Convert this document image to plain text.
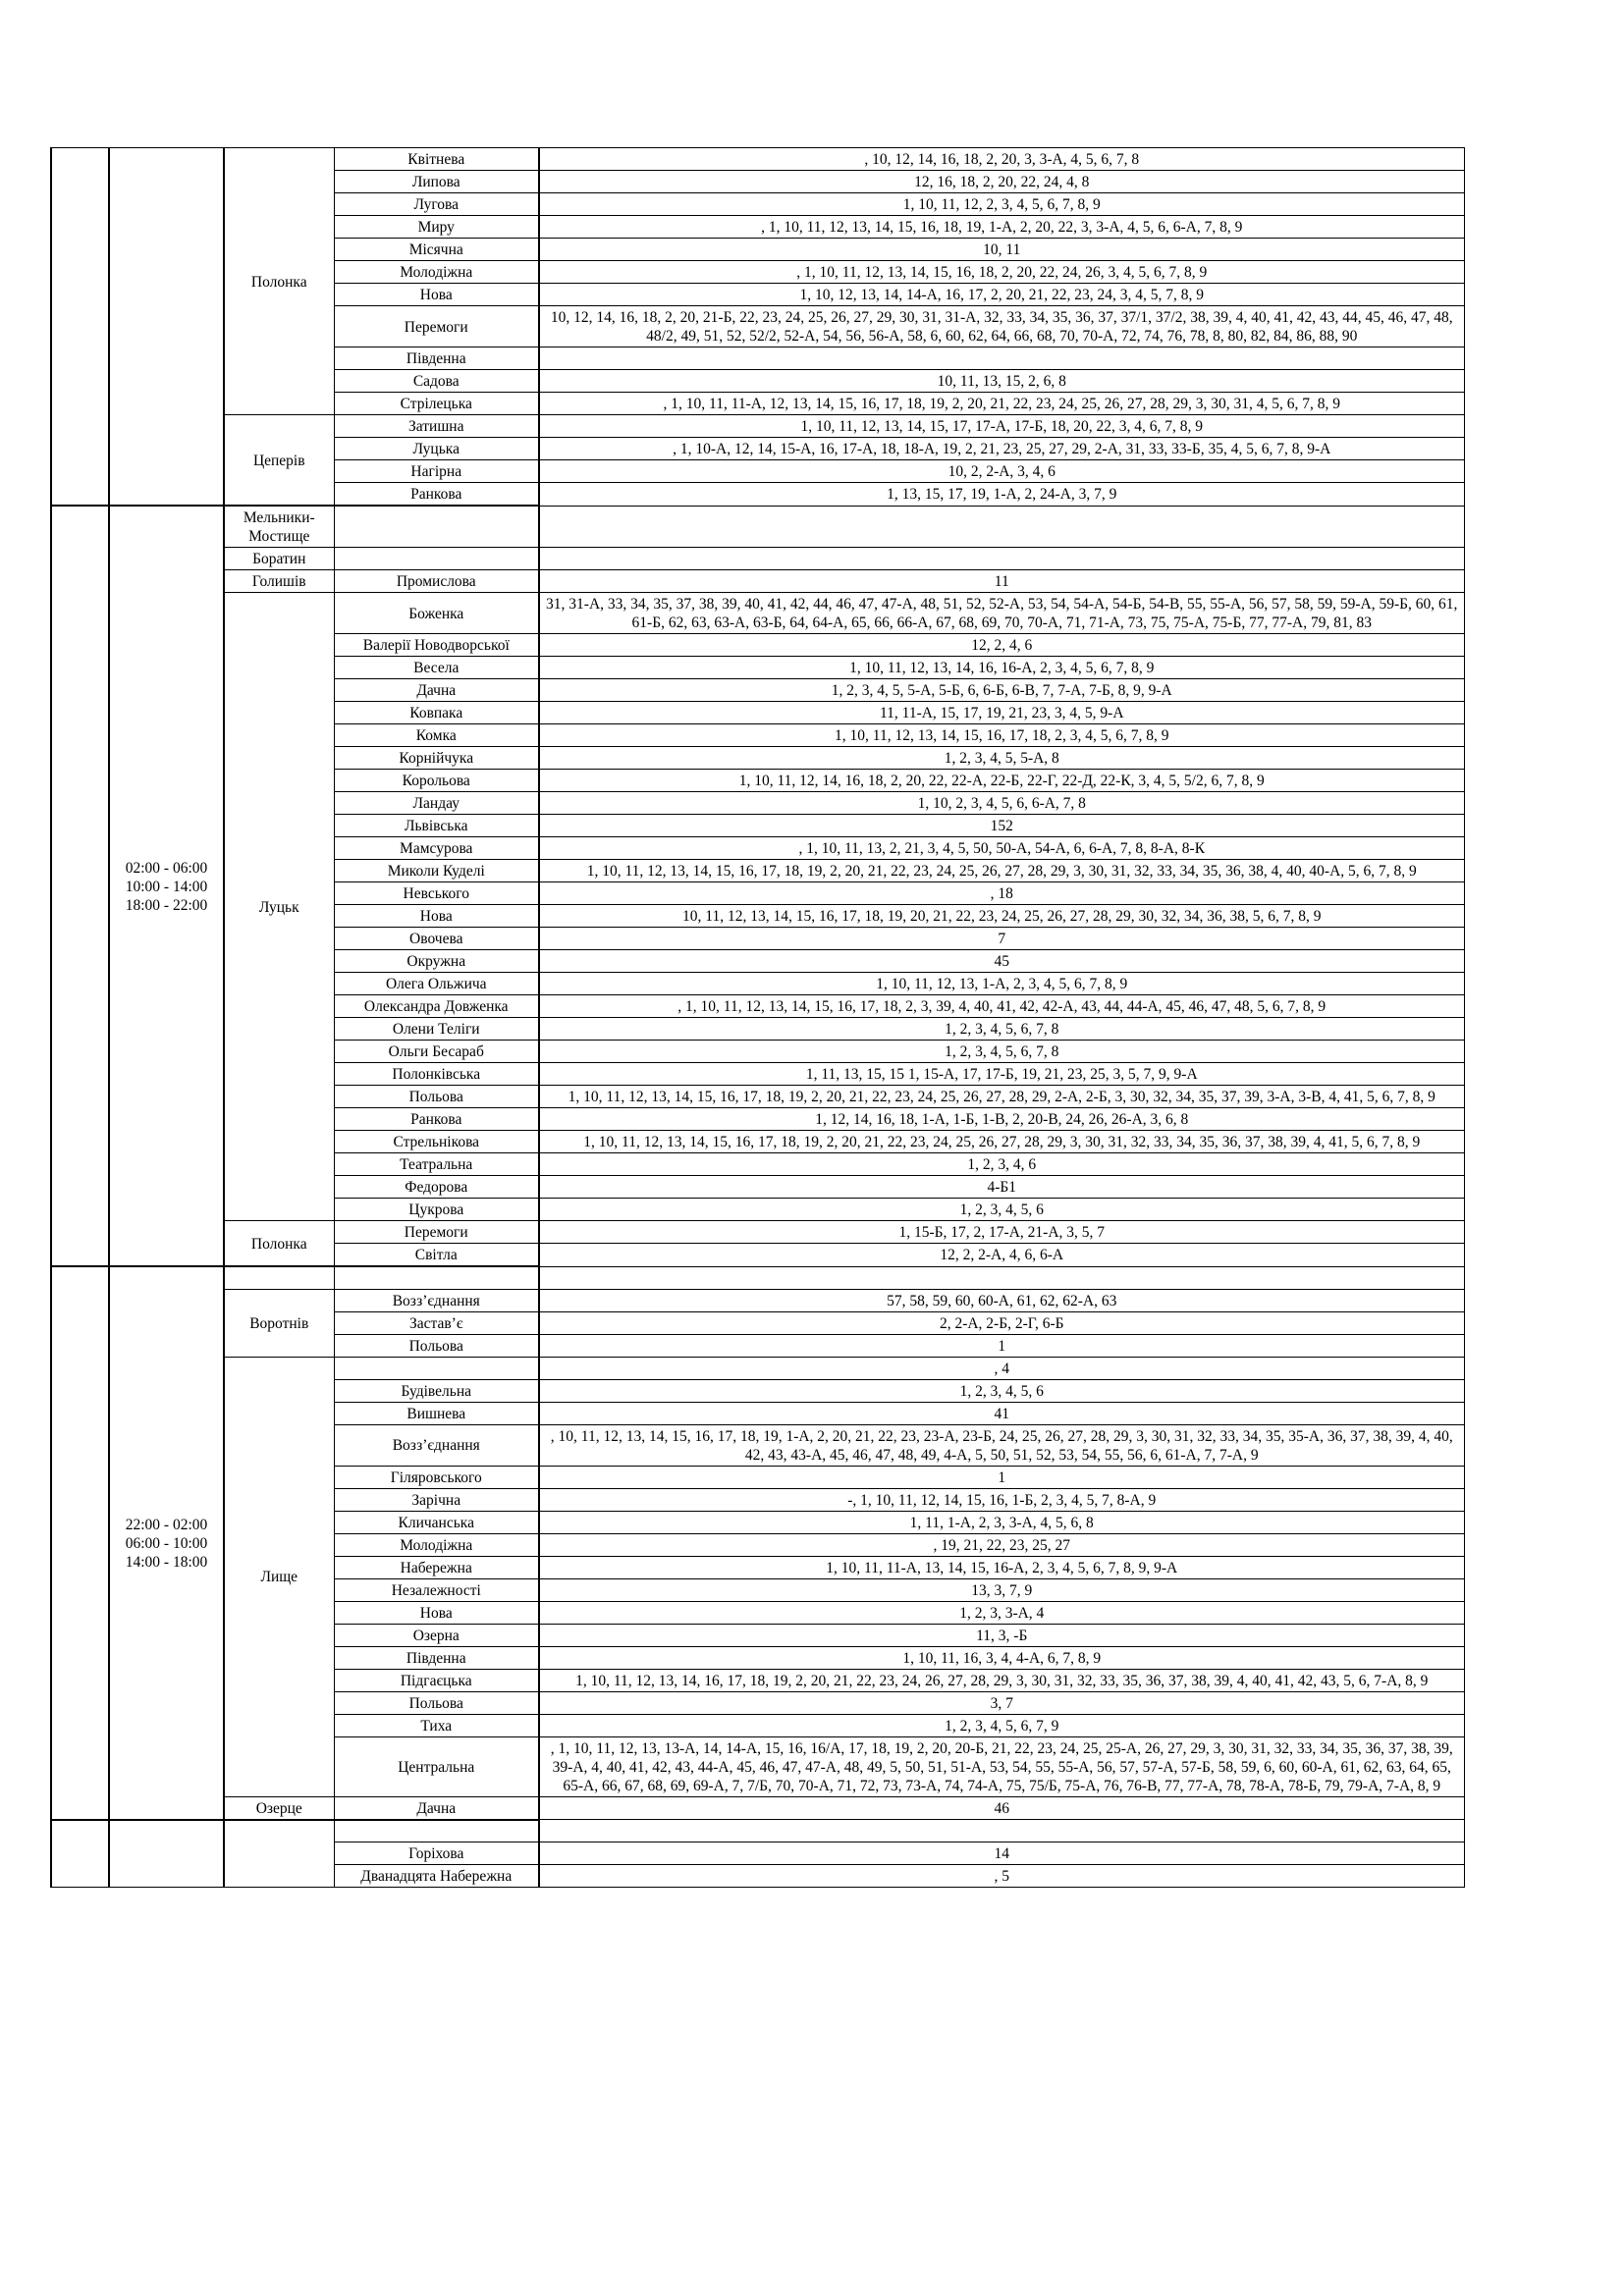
			Полонка	Квітнева	, 10, 12, 14, 16, 18, 2, 20, 3, 3-А, 4, 5, 6, 7, 8
				Липова	12, 16, 18, 2, 20, 22, 24, 4, 8
				Лугова	1, 10, 11, 12, 2, 3, 4, 5, 6, 7, 8, 9
				Миру	, 1, 10, 11, 12, 13, 14, 15, 16, 18, 19, 1-А, 2, 20, 22, 3, 3-А, 4, 5, 6, 6-А, 7, 8, 9
				Місячна	10, 11
				Молодіжна	, 1, 10, 11, 12, 13, 14, 15, 16, 18, 2, 20, 22, 24, 26, 3, 4, 5, 6, 7, 8, 9
				Нова	1, 10, 12, 13, 14, 14-А, 16, 17, 2, 20, 21, 22, 23, 24, 3, 4, 5, 7, 8, 9
				Перемоги	10, 12, 14, 16, 18, 2, 20, 21-Б, 22, 23, 24, 25, 26, 27, 29, 30, 31, 31-А, 32, 33, 34, 35, 36, 37, 37/1, 37/2, 38, 39, 4, 40, 41, 42, 43, 44, 45, 46, 47, 48, 48/2, 49, 51, 52, 52/2, 52-А, 54, 56, 56-А, 58, 6, 60, 62, 64, 66, 68, 70, 70-А, 72, 74, 76, 78, 8, 80, 82, 84, 86, 88, 90
				Південна	
				Садова	10, 11, 13, 15, 2, 6, 8
				Стрілецька	, 1, 10, 11, 11-А, 12, 13, 14, 15, 16, 17, 18, 19, 2, 20, 21, 22, 23, 24, 25, 26, 27, 28, 29, 3, 30, 31, 4, 5, 6, 7, 8, 9
			Цеперів	Затишна	1, 10, 11, 12, 13, 14, 15, 17, 17-А, 17-Б, 18, 20, 22, 3, 4, 6, 7, 8, 9
				Луцька	, 1, 10-А, 12, 14, 15-А, 16, 17-А, 18, 18-А, 19, 2, 21, 23, 25, 27, 29, 2-А, 31, 33, 33-Б, 35, 4, 5, 6, 7, 8, 9-А
				Нагірна	10, 2, 2-А, 3, 4, 6
				Ранкова	1, 13, 15, 17, 19, 1-А, 2, 24-А, 3, 7, 9

		02:00 - 06:00
10:00 - 14:00
18:00 - 22:00	Мельники-Мостище		
			Боратин		
			Голишів	Промислова	11
			Луцьк	Боженка	31, 31-А, 33, 34, 35, 37, 38, 39, 40, 41, 42, 44, 46, 47, 47-А, 48, 51, 52, 52-А, 53, 54, 54-А, 54-Б, 54-В, 55, 55-А, 56, 57, 58, 59, 59-А, 59-Б, 60, 61, 61-Б, 62, 63, 63-А, 63-Б, 64, 64-А, 65, 66, 66-А, 67, 68, 69, 70, 70-А, 71, 71-А, 73, 75, 75-А, 75-Б, 77, 77-А, 79, 81, 83
				Валерії Новодворської	12, 2, 4, 6
				Весела	1, 10, 11, 12, 13, 14, 16, 16-А, 2, 3, 4, 5, 6, 7, 8, 9
				Дачна	1, 2, 3, 4, 5, 5-А, 5-Б, 6, 6-Б, 6-В, 7, 7-А, 7-Б, 8, 9, 9-А
				Ковпака	11, 11-А, 15, 17, 19, 21, 23, 3, 4, 5, 9-А
				Комка	1, 10, 11, 12, 13, 14, 15, 16, 17, 18, 2, 3, 4, 5, 6, 7, 8, 9
				Корнійчука	1, 2, 3, 4, 5, 5-А, 8
				Корольова	1, 10, 11, 12, 14, 16, 18, 2, 20, 22, 22-А, 22-Б, 22-Г, 22-Д, 22-К, 3, 4, 5, 5/2, 6, 7, 8, 9
				Ландау	1, 10, 2, 3, 4, 5, 6, 6-А, 7, 8
				Львівська	152
				Мамсурова	, 1, 10, 11, 13, 2, 21, 3, 4, 5, 50, 50-А, 54-А, 6, 6-А, 7, 8, 8-А, 8-К
				Миколи Куделі	1, 10, 11, 12, 13, 14, 15, 16, 17, 18, 19, 2, 20, 21, 22, 23, 24, 25, 26, 27, 28, 29, 3, 30, 31, 32, 33, 34, 35, 36, 38, 4, 40, 40-А, 5, 6, 7, 8, 9
				Невського	, 18
				Нова	10, 11, 12, 13, 14, 15, 16, 17, 18, 19, 20, 21, 22, 23, 24, 25, 26, 27, 28, 29, 30, 32, 34, 36, 38, 5, 6, 7, 8, 9
				Овочева	7
				Окружна	45
				Олега Ольжича	1, 10, 11, 12, 13, 1-А, 2, 3, 4, 5, 6, 7, 8, 9
				Олександра Довженка	, 1, 10, 11, 12, 13, 14, 15, 16, 17, 18, 2, 3, 39, 4, 40, 41, 42, 42-А, 43, 44, 44-А, 45, 46, 47, 48, 5, 6, 7, 8, 9
				Олени Теліги	1, 2, 3, 4, 5, 6, 7, 8
				Ольги Бесараб	1, 2, 3, 4, 5, 6, 7, 8
				Полонківська	1, 11, 13, 15, 15 1, 15-А, 17, 17-Б, 19, 21, 23, 25, 3, 5, 7, 9, 9-А
				Польова	1, 10, 11, 12, 13, 14, 15, 16, 17, 18, 19, 2, 20, 21, 22, 23, 24, 25, 26, 27, 28, 29, 2-А, 2-Б, 3, 30, 32, 34, 35, 37, 39, 3-А, 3-В, 4, 41, 5, 6, 7, 8, 9
				Ранкова	1, 12, 14, 16, 18, 1-А, 1-Б, 1-В, 2, 20-В, 24, 26, 26-А, 3, 6, 8
				Стрельнікова	1, 10, 11, 12, 13, 14, 15, 16, 17, 18, 19, 2, 20, 21, 22, 23, 24, 25, 26, 27, 28, 29, 3, 30, 31, 32, 33, 34, 35, 36, 37, 38, 39, 4, 41, 5, 6, 7, 8, 9
				Театральна	1, 2, 3, 4, 6
				Федорова	4-Б1
				Цукрова	1, 2, 3, 4, 5, 6
			Полонка	Перемоги	1, 15-Б, 17, 2, 17-А, 21-А, 3, 5, 7
				Світла	12, 2, 2-А, 4, 6, 6-А

		22:00 - 02:00
06:00 - 10:00
14:00 - 18:00			

			Воротнів	Возз’єднання	57, 58, 59, 60, 60-А, 61, 62, 62-А, 63
				Застав’є	2, 2-А, 2-Б, 2-Г, 6-Б
				Польова	1
			Лище		, 4
				Будівельна	1, 2, 3, 4, 5, 6
				Вишнева	41
				Возз’єднання	, 10, 11, 12, 13, 14, 15, 16, 17, 18, 19, 1-А, 2, 20, 21, 22, 23, 23-А, 23-Б, 24, 25, 26, 27, 28, 29, 3, 30, 31, 32, 33, 34, 35, 35-А, 36, 37, 38, 39, 4, 40, 42, 43, 43-А, 45, 46, 47, 48, 49, 4-А, 5, 50, 51, 52, 53, 54, 55, 56, 6, 61-А, 7, 7-А, 9
				Гіляровського	1
				Зарічна	-, 1, 10, 11, 12, 14, 15, 16, 1-Б, 2, 3, 4, 5, 7, 8-А, 9
				Кличанська	1, 11, 1-А, 2, 3, 3-А, 4, 5, 6, 8
				Молодіжна	, 19, 21, 22, 23, 25, 27
				Набережна	1, 10, 11, 11-А, 13, 14, 15, 16-А, 2, 3, 4, 5, 6, 7, 8, 9, 9-А
				Незалежності	13, 3, 7, 9
				Нова	1, 2, 3, 3-А, 4
				Озерна	11, 3, -Б
				Південна	1, 10, 11, 16, 3, 4, 4-А, 6, 7, 8, 9
				Підгаєцька	1, 10, 11, 12, 13, 14, 16, 17, 18, 19, 2, 20, 21, 22, 23, 24, 26, 27, 28, 29, 3, 30, 31, 32, 33, 35, 36, 37, 38, 39, 4, 40, 41, 42, 43, 5, 6, 7-А, 8, 9
				Польова	3, 7
				Тиха	1, 2, 3, 4, 5, 6, 7, 9
				Центральна	, 1, 10, 11, 12, 13, 13-А, 14, 14-А, 15, 16, 16/А, 17, 18, 19, 2, 20, 20-Б, 21, 22, 23, 24, 25, 25-А, 26, 27, 29, 3, 30, 31, 32, 33, 34, 35, 36, 37, 38, 39, 39-А, 4, 40, 41, 42, 43, 44-А, 45, 46, 47, 47-А, 48, 49, 5, 50, 51, 51-А, 53, 54, 55, 55-А, 56, 57, 57-А, 57-Б, 58, 59, 6, 60, 60-А, 61, 62, 63, 64, 65, 65-А, 66, 67, 68, 69, 69-А, 7, 7/Б, 70, 70-А, 71, 72, 73, 73-А, 74, 74-А, 75, 75/Б, 75-А, 76, 76-В, 77, 77-А, 78, 78-А, 78-Б, 79, 79-А, 7-А, 8, 9
			Озерце	Дачна	46

				Горіхова	14
				Дванадцята Набережна	, 5
